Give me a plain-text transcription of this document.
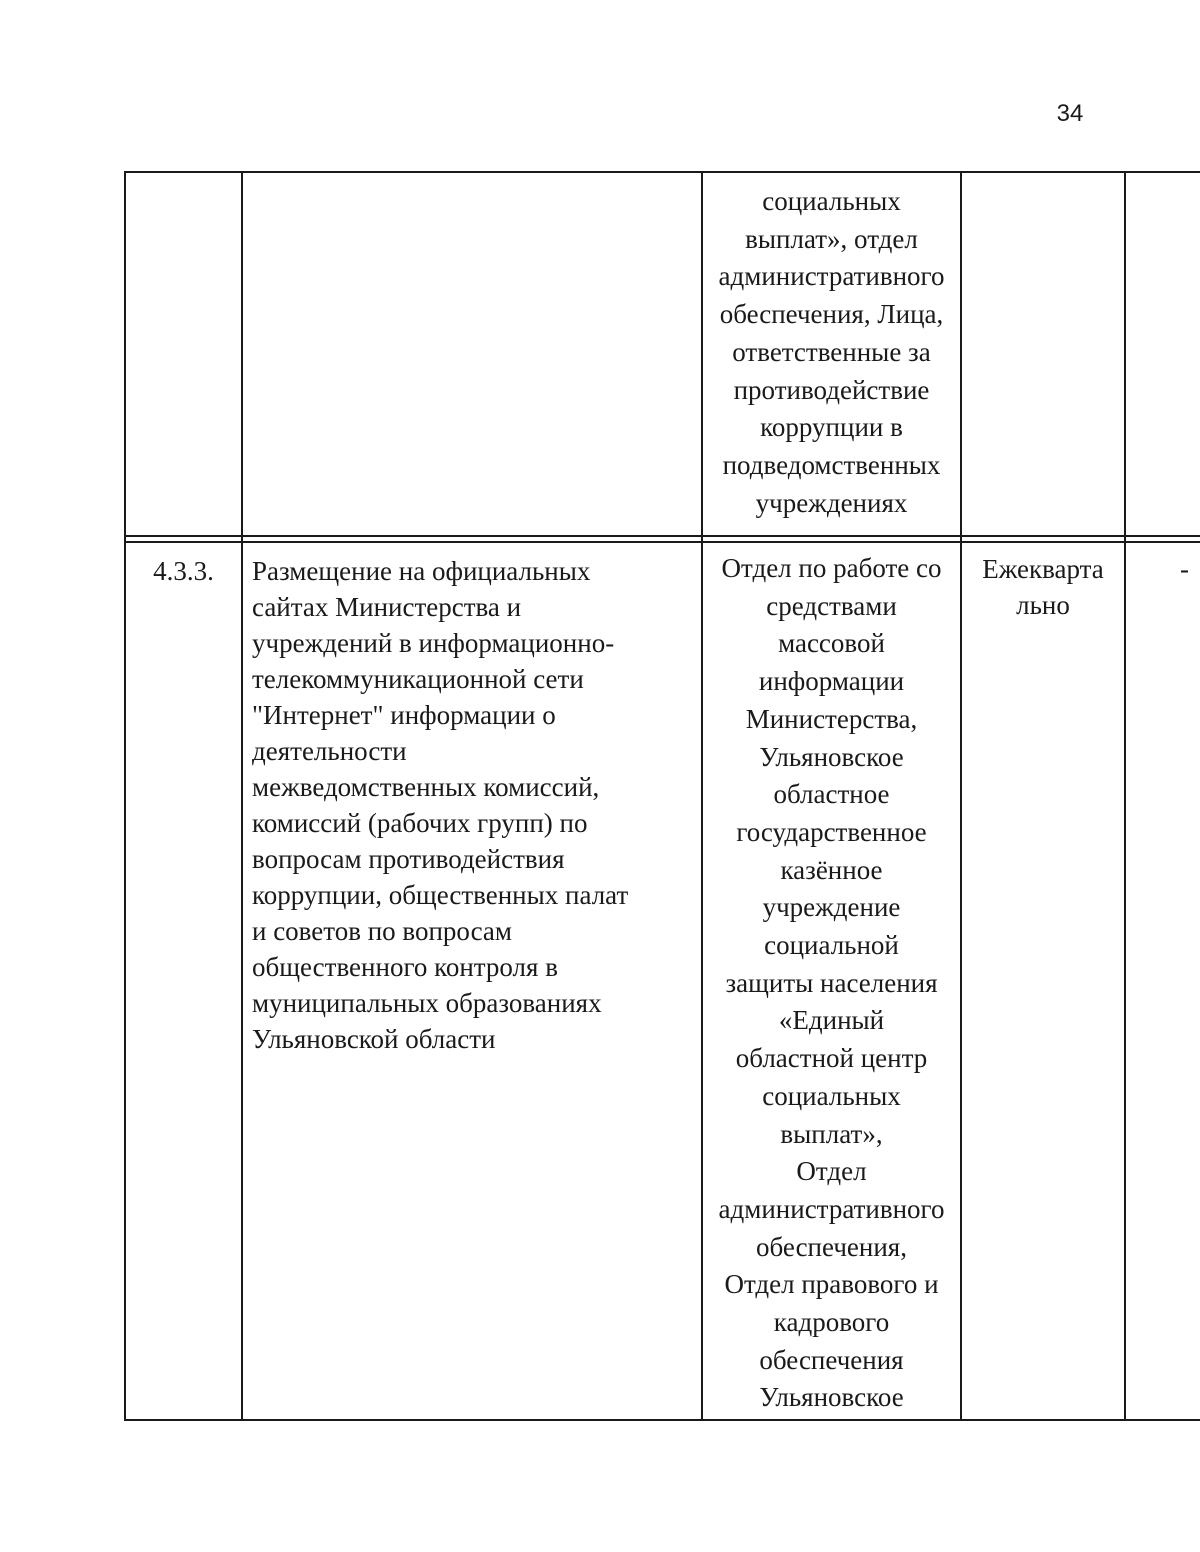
34
социальных
выплат», отдел
административного
обеспечения, Лица,
ответственные за
противодействие
коррупции в
подведомственных
учреждениях
4.3.3.	Размещение на официальных
сайтах Министерства и
учреждений в информационно-
телекоммуникационной сети
"Интернет" информации о
деятельности
межведомственных комиссий,
комиссий (рабочих групп) по
вопросам противодействия
коррупции, общественных палат
и советов по вопросам
общественного контроля в
муниципальных образованиях
Ульяновской области
Отдел по работе со
средствами
массовой
информации
Министерства,
Ульяновское
областное
государственное
казённое
учреждение
социальной
защиты населения
«Единый
областной центр
социальных
выплат»,
Отдел
административного
обеспечения,
Отдел правового и
кадрового
обеспечения
Ульяновское
Ежекварта
льно
-
